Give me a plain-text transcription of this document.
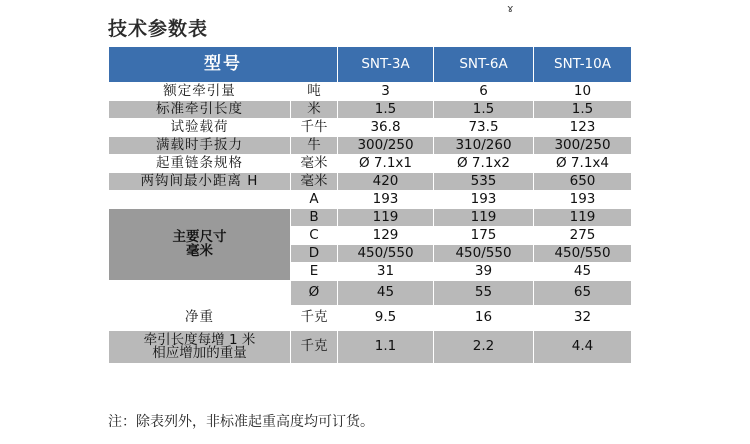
技术参数表
ɤ
型号		SNT-3A	SNT-6A	SNT-10A
额定牵引量	吨	3	6	10
标准牵引长度	米	1.5	1.5	1.5
试验载荷	千牛	36.8	73.5	123
满载时手扳力	牛	300/250	310/260	300/250
起重链条规格	毫米	Ø 7.1x1	Ø 7.1x2	Ø 7.1x4
两钩间最小距离 H	毫米	420	535	650
	A	193	193	193

主要尺寸
毫米	B	119	119	119
	C	129	175	275
	D	450/550	450/550	450/550
	E	31	39	45
	Ø	45	55	65
净重	千克	9.5	16	32

牵引长度每增 1 米
相应增加的重量	千克	1.1	2.2	4.4
注：除表列外，非标准起重高度均可订货。
